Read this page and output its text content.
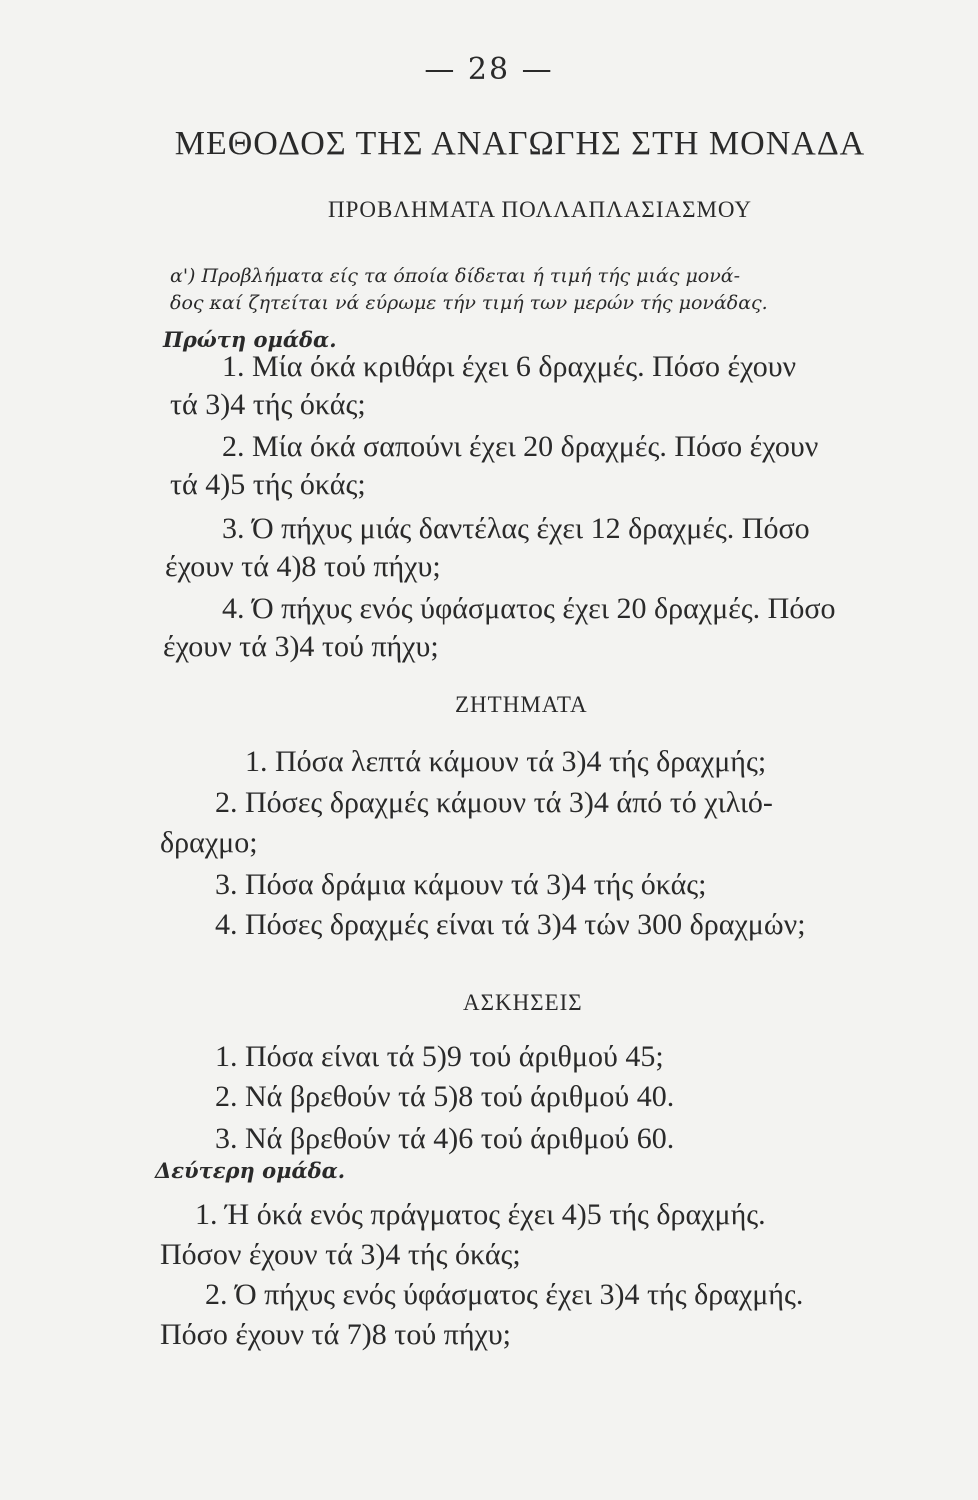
— 28 —
ΜΕΘΟΔΟΣ ΤΗΣ ΑΝΑΓΩΓΗΣ ΣΤΗ ΜΟΝΑΔΑ
ΠΡΟΒΛΗΜΑΤΑ ΠΟΛΛΑΠΛΑΣΙΑΣΜΟΥ
α') Προβλήματα είς τα όποία δίδεται ή τιμή τής μιάς μονά-
δος καί ζητείται νά εύρωμε τήν τιμή των μερών τής μονάδας.
Πρώτη ομάδα.
1. Μία όκά κριθάρι έχει 6 δραχμές. Πόσο έχουν
τά 3)4 τής όκάς;
2. Μία όκά σαπούνι έχει 20 δραχμές. Πόσο έχουν
τά 4)5 τής όκάς;
3. Ό πήχυς μιάς δαντέλας έχει 12 δραχμές. Πόσο
έχουν τά 4)8 τού πήχυ;
4. Ό πήχυς ενός ύφάσματος έχει 20 δραχμές. Πόσο
έχουν τά 3)4 τού πήχυ;
ΖΗΤΗΜΑΤΑ
1. Πόσα λεπτά κάμουν τά 3)4 τής δραχμής;
2. Πόσες δραχμές κάμουν τά 3)4 άπό τό χιλιό-
δραχμο;
3. Πόσα δράμια κάμουν τά 3)4 τής όκάς;
4. Πόσες δραχμές είναι τά 3)4 τών 300 δραχμών;
ΑΣΚΗΣΕΙΣ
1. Πόσα είναι τά 5)9 τού άριθμού 45;
2. Νά βρεθούν τά 5)8 τού άριθμού 40.
3. Νά βρεθούν τά 4)6 τού άριθμού 60.
Δεύτερη ομάδα.
1. Ή όκά ενός πράγματος έχει 4)5 τής δραχμής.
Πόσον έχουν τά 3)4 τής όκάς;
2. Ό πήχυς ενός ύφάσματος έχει 3)4 τής δραχμής.
Πόσο έχουν τά 7)8 τού πήχυ;
